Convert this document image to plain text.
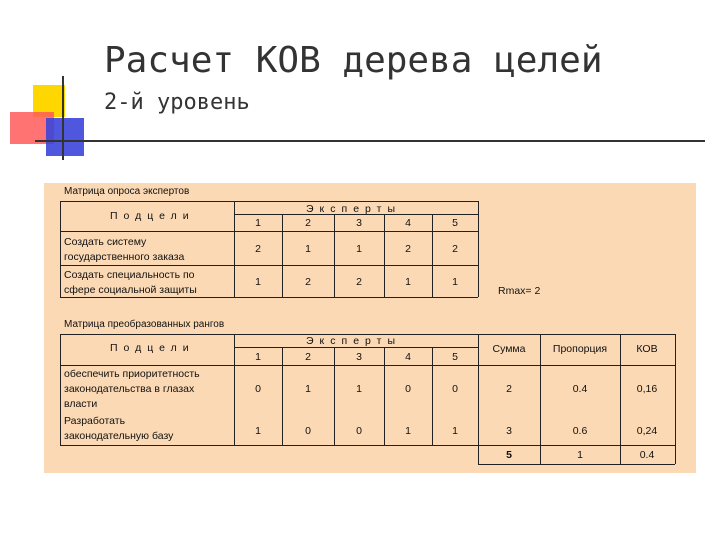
Расчет КОВ дерева целей
2-й уровень
Матрица опроса экспертов
Подцели
Эксперты
1	2	3	4	5
Создать систему
государственного заказа
2	1	1	2	2
Создать специальность по
сфере социальной защиты
1	2	2	1	1
Rmax= 2
Матрица преобразованных рангов
Подцели
Эксперты
Сумма	Пропорция	КОВ
1	2	3	4	5
обеспечить приоритетность
законодательства в глазах
власти
0	1	1	0	0	2	0.4	0,16
Разработать
законодательную базу	1	0	0	1	1	3	0.6	0,24
5	1	0.4
